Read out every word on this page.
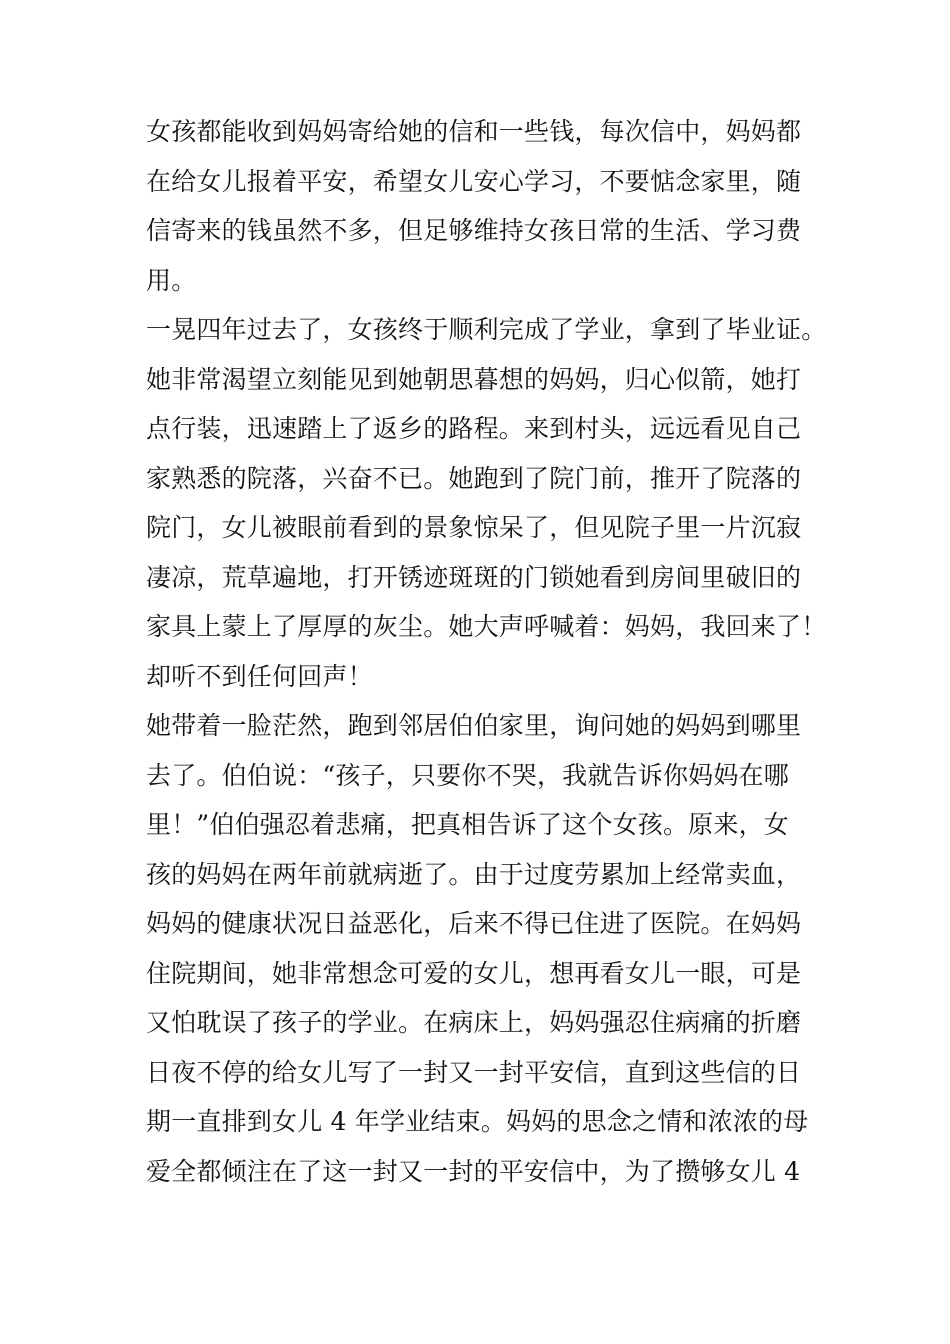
女孩都能收到妈妈寄给她的信和一些钱，每次信中，妈妈都
在给女儿报着平安，希望女儿安心学习，不要惦念家里，随
信寄来的钱虽然不多，但足够维持女孩日常的生活、学习费
用。
一晃四年过去了，女孩终于顺利完成了学业，拿到了毕业证。
她非常渴望立刻能见到她朝思暮想的妈妈，归心似箭，她打
点行装，迅速踏上了返乡的路程。来到村头，远远看见自己
家熟悉的院落，兴奋不已。她跑到了院门前，推开了院落的
院门，女儿被眼前看到的景象惊呆了，但见院子里一片沉寂
凄凉，荒草遍地，打开锈迹斑斑的门锁她看到房间里破旧的
家具上蒙上了厚厚的灰尘。她大声呼喊着：妈妈，我回来了！
却听不到任何回声！
她带着一脸茫然，跑到邻居伯伯家里，询问她的妈妈到哪里
去了。伯伯说：“孩子，只要你不哭，我就告诉你妈妈在哪
里！”伯伯强忍着悲痛，把真相告诉了这个女孩。原来，女
孩的妈妈在两年前就病逝了。由于过度劳累加上经常卖血，
妈妈的健康状况日益恶化，后来不得已住进了医院。在妈妈
住院期间，她非常想念可爱的女儿，想再看女儿一眼，可是
又怕耽误了孩子的学业。在病床上，妈妈强忍住病痛的折磨
日夜不停的给女儿写了一封又一封平安信，直到这些信的日
期一直排到女儿 4 年学业结束。妈妈的思念之情和浓浓的母
爱全都倾注在了这一封又一封的平安信中，为了攒够女儿 4
